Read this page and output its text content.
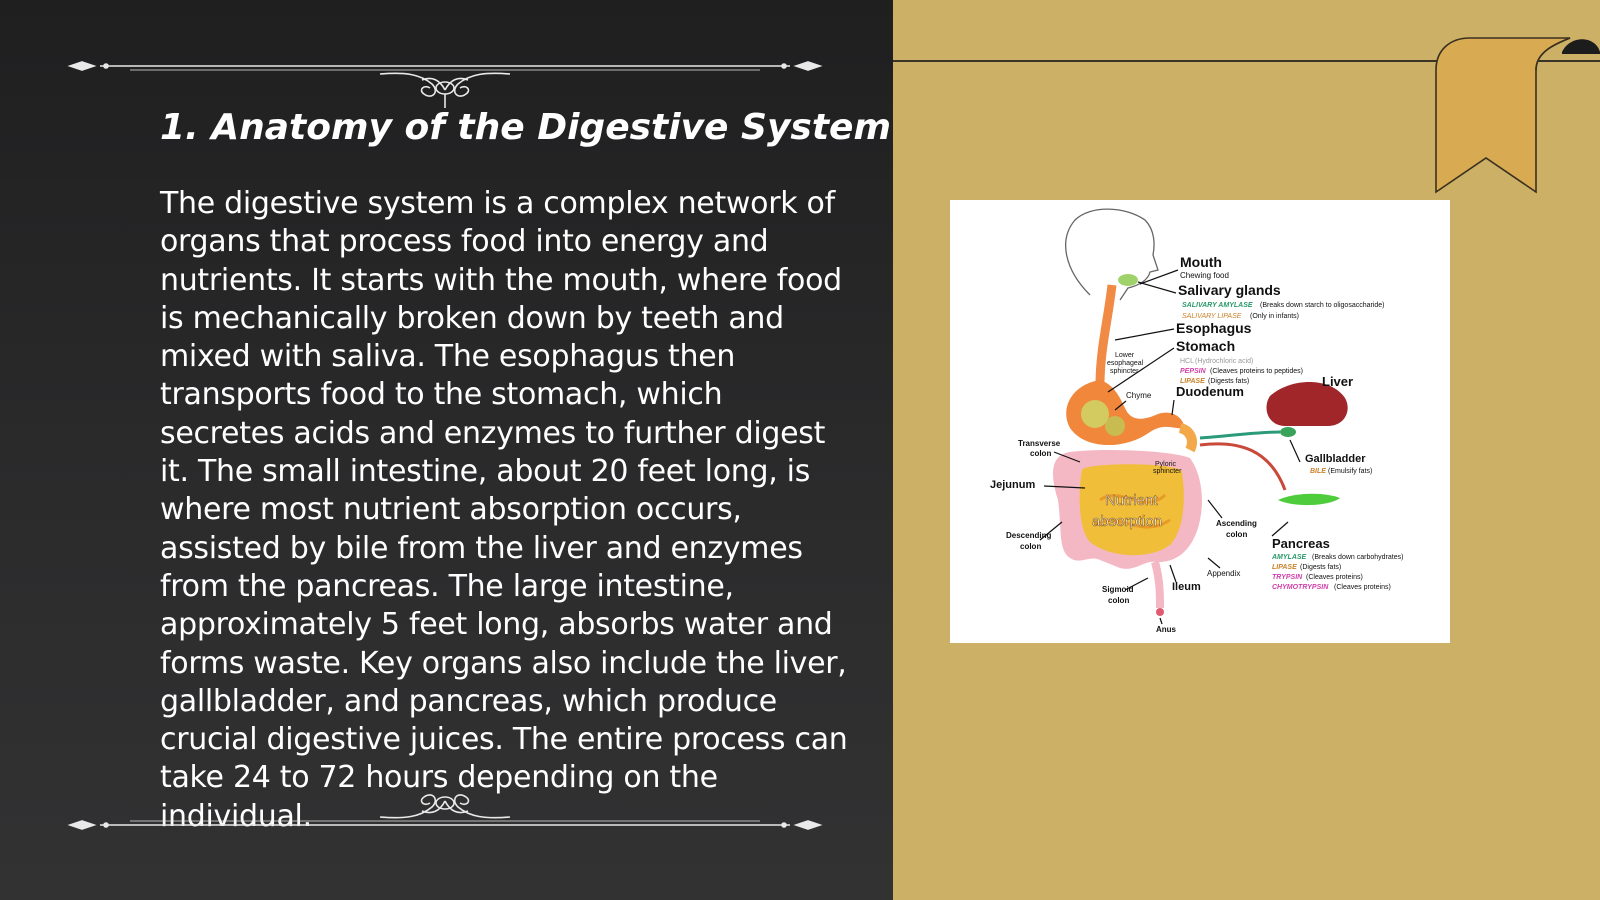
1. Anatomy of the Digestive System

The digestive system is a complex network of organs that process food into energy and nutrients. It starts with the mouth, where food is mechanically broken down by teeth and mixed with saliva. The esophagus then transports food to the stomach, which secretes acids and enzymes to further digest it. The small intestine, about 20 feet long, is where most nutrient absorption occurs, assisted by bile from the liver and enzymes from the pancreas. The large intestine, approximately 5 feet long, absorbs water and forms waste. Key organs also include the liver, gallbladder, and pancreas, which produce crucial digestive juices. The entire process can take 24 to 72 hours depending on the individual.

Mouth
Chewing food
Salivary glands
SALIVARY AMYLASE (Breaks down starch to oligosaccharide)
SALIVARY LIPASE (Only in infants)
Esophagus
Stomach
HCL (Hydrochloric acid)
PEPSIN (Cleaves proteins to peptides)
LIPASE (Digests fats)
Lower
esophageal
sphincter
Chyme Duodenum
Liver
Transverse
colon
Pyloric
sphincter
Gallbladder
BILE (Emulsify fats)
Jejunum
Nutrient
absorption	Ascending
colon
Descending
colon	Pancreas
AMYLASE (Breaks down carbohydrates)
LIPASE (Digests fats)
TRYPSIN (Cleaves proteins)
CHYMOTRYPSIN (Cleaves proteins)
Appendix
Sigmoid
colon
Ileum
Anus
